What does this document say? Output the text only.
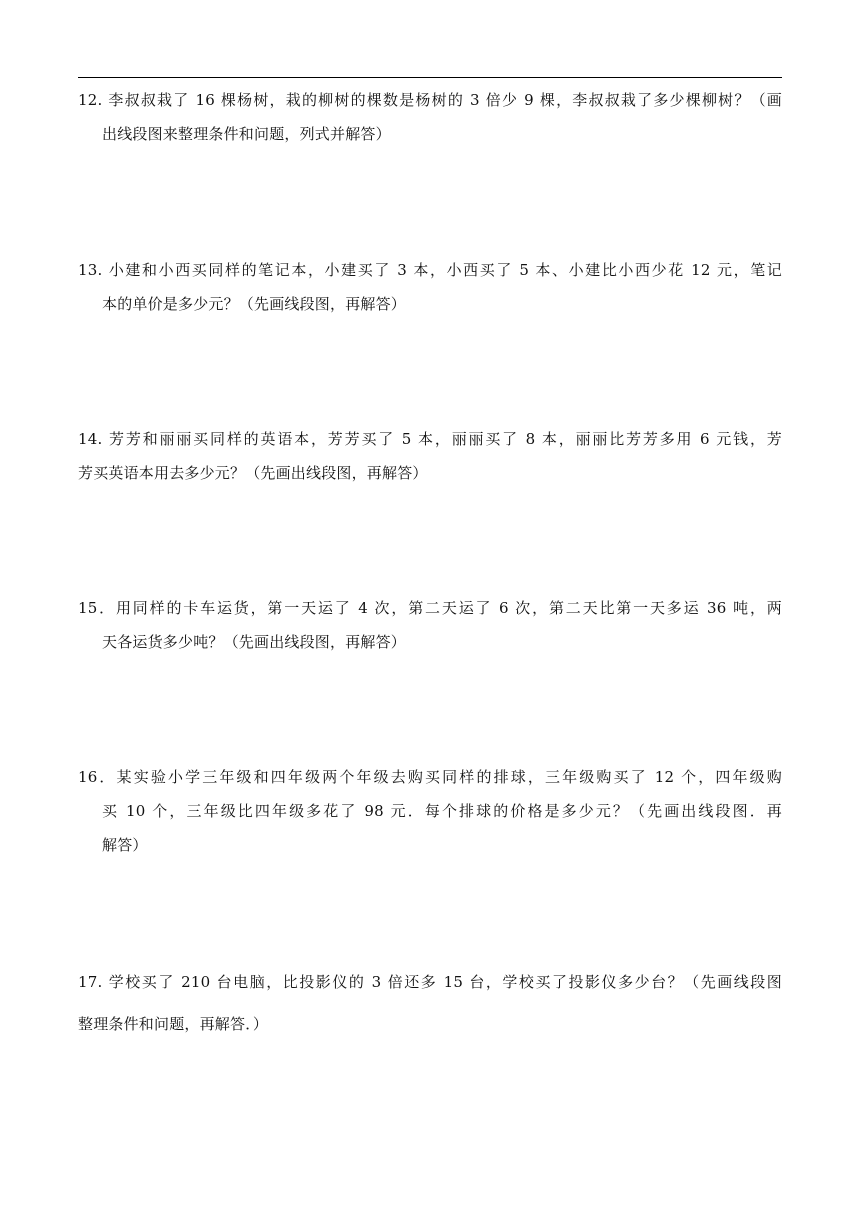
12. 李叔叔栽了 16 棵杨树，栽的柳树的棵数是杨树的 3 倍少 9 棵，李叔叔栽了多少棵柳树？（画
出线段图来整理条件和问题，列式并解答）
13. 小建和小西买同样的笔记本，小建买了 3 本，小西买了 5 本、小建比小西少花 12 元，笔记
本的单价是多少元？（先画线段图，再解答）
14. 芳芳和丽丽买同样的英语本，芳芳买了 5 本，丽丽买了 8 本，丽丽比芳芳多用 6 元钱，芳
芳买英语本用去多少元？（先画出线段图，再解答）
15．用同样的卡车运货，第一天运了 4 次，第二天运了 6 次，第二天比第一天多运 36 吨，两
天各运货多少吨？（先画出线段图，再解答）
16．某实验小学三年级和四年级两个年级去购买同样的排球，三年级购买了 12 个，四年级购
买 10 个，三年级比四年级多花了 98 元．每个排球的价格是多少元？（先画出线段图．再
解答）
17. 学校买了 210 台电脑，比投影仪的 3 倍还多 15 台，学校买了投影仪多少台？（先画线段图
整理条件和问题，再解答．）
